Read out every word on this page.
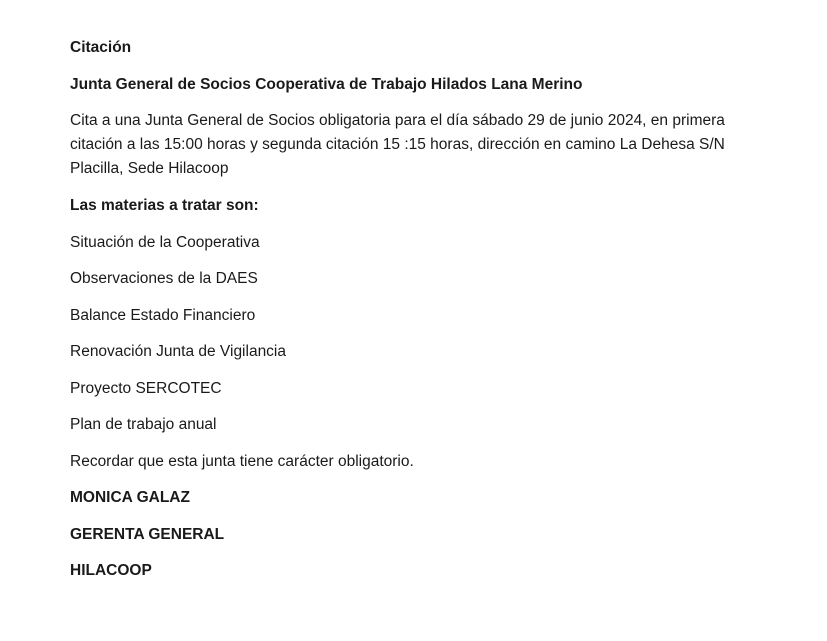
Citación

Junta General de Socios Cooperativa de Trabajo Hilados Lana Merino

Cita a una Junta General de Socios obligatoria para el día sábado 29 de junio 2024, en primera citación a las 15:00 horas y segunda citación 15 :15 horas, dirección en camino La Dehesa S/N Placilla, Sede Hilacoop

Las materias a tratar son:

Situación de la Cooperativa
Observaciones de la DAES
Balance Estado Financiero
Renovación Junta de Vigilancia
Proyecto SERCOTEC
Plan de trabajo anual
Recordar que esta junta tiene carácter obligatorio.

MONICA GALAZ

GERENTA GENERAL

HILACOOP
